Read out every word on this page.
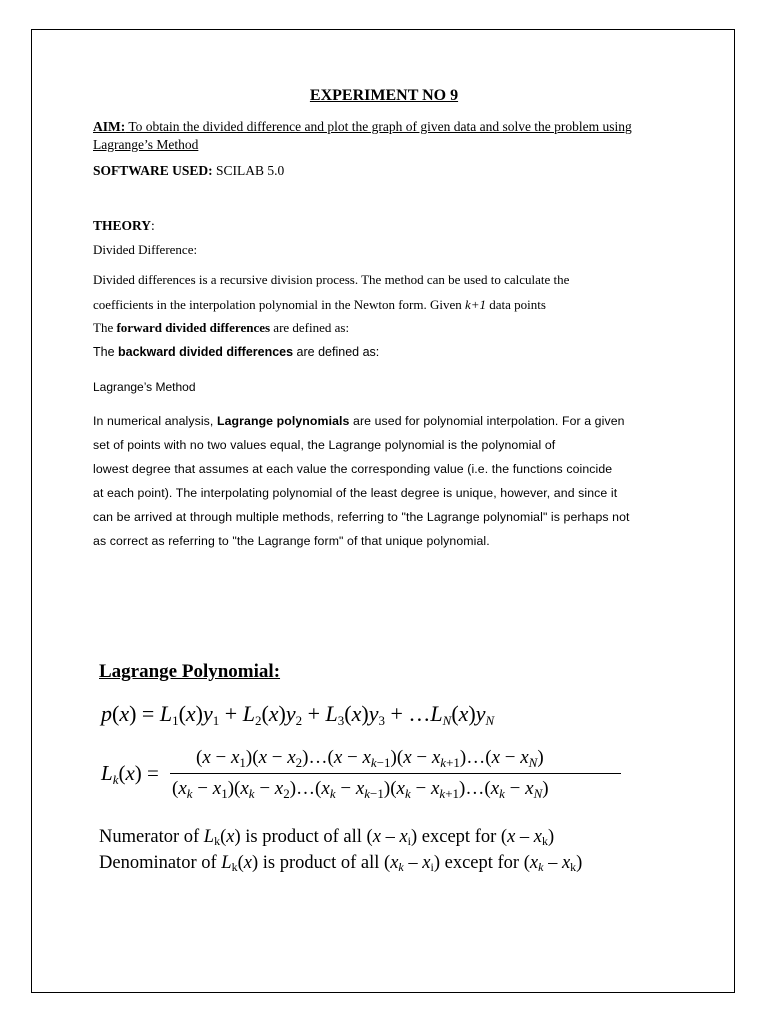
EXPERIMENT NO 9
AIM: To obtain the divided difference and plot the graph of given data and solve the problem using Lagrange’s Method
SOFTWARE USED: SCILAB 5.0
THEORY:
Divided Difference:
Divided differences is a recursive division process. The method can be used to calculate the
coefficients in the interpolation polynomial in the Newton form. Given k+1 data points
The forward divided differences are defined as:
The backward divided differences are defined as:
Lagrange’s Method
In numerical analysis, Lagrange polynomials are used for polynomial interpolation. For a given
set of points with no two values equal, the Lagrange polynomial is the polynomial of
lowest degree that assumes at each value the corresponding value (i.e. the functions coincide
at each point). The interpolating polynomial of the least degree is unique, however, and since it
can be arrived at through multiple methods, referring to "the Lagrange polynomial" is perhaps not
as correct as referring to "the Lagrange form" of that unique polynomial.
Lagrange Polynomial:
$p(x) = L_1(x)y_1 + L_2(x)y_2 + L_3(x)y_3$ + $\dots L_N(x)y_N$
$L_k(x)$ =
$(x - x_1)(x$ − $x_2)\dots(x - x_{k-1})(x$ − $x_{k+1})\dots(x - x_N)$
$(x_k - x_1)(x_k$ − $x_2)\dots(x_k - x_{k-1})(x_k$ − $x_{k+1})\dots(x_k - x_N)$
Numerator of $L_k(x)$ is product of all $(x - x_i)$ except for $(x - x_k)$
Denominator of $L_k(x)$ is product of all $(x_k - x_i)$ except for $(x_k - x_k)$
